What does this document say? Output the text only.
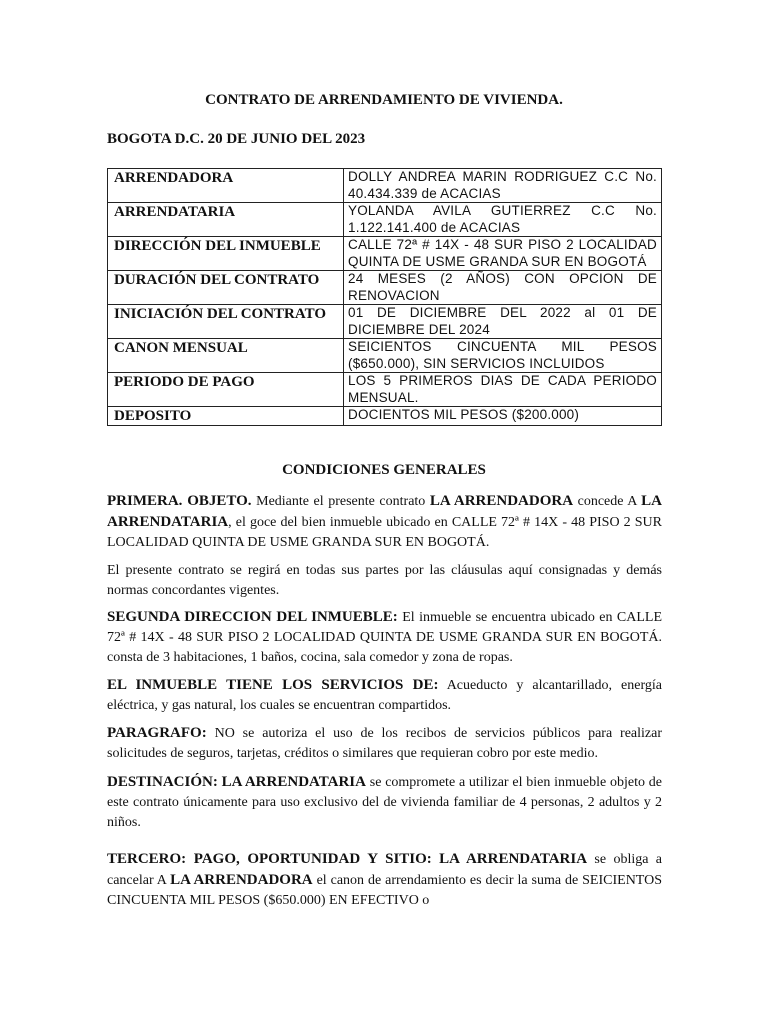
CONTRATO DE ARRENDAMIENTO DE VIVIENDA.
BOGOTA D.C. 20 DE JUNIO DEL 2023
ARRENDADORA	DOLLY ANDREA MARIN RODRIGUEZ C.C No. 40.434.339 de ACACIAS
ARRENDATARIA	YOLANDA AVILA GUTIERREZ C.C No. 1.122.141.400 de ACACIAS
DIRECCIÓN DEL INMUEBLE	CALLE 72ª # 14X - 48 SUR PISO 2 LOCALIDAD QUINTA DE USME GRANDA SUR EN BOGOTÁ
DURACIÓN DEL CONTRATO	24 MESES (2 AÑOS) CON OPCION DE RENOVACION
INICIACIÓN DEL CONTRATO	01 DE DICIEMBRE DEL 2022 al 01 DE DICIEMBRE DEL 2024
CANON MENSUAL	SEICIENTOS CINCUENTA MIL PESOS ($650.000), SIN SERVICIOS INCLUIDOS
PERIODO DE PAGO	LOS 5 PRIMEROS DIAS DE CADA PERIODO MENSUAL.
DEPOSITO	DOCIENTOS MIL PESOS ($200.000)
CONDICIONES GENERALES
PRIMERA. OBJETO. Mediante el presente contrato LA ARRENDADORA concede A LA ARRENDATARIA, el goce del bien inmueble ubicado en CALLE 72ª # 14X - 48 PISO 2 SUR LOCALIDAD QUINTA DE USME GRANDA SUR EN BOGOTÁ.
El presente contrato se regirá en todas sus partes por las cláusulas aquí consignadas y demás normas concordantes vigentes.
SEGUNDA DIRECCION DEL INMUEBLE: El inmueble se encuentra ubicado en CALLE 72ª # 14X - 48 SUR PISO 2 LOCALIDAD QUINTA DE USME GRANDA SUR EN BOGOTÁ. consta de 3 habitaciones, 1 baños, cocina, sala comedor y zona de ropas.
EL INMUEBLE TIENE LOS SERVICIOS DE: Acueducto y alcantarillado, energía eléctrica, y gas natural, los cuales se encuentran compartidos.
PARAGRAFO: NO se autoriza el uso de los recibos de servicios públicos para realizar solicitudes de seguros, tarjetas, créditos o similares que requieran cobro por este medio.
DESTINACIÓN: LA ARRENDATARIA se compromete a utilizar el bien inmueble objeto de este contrato únicamente para uso exclusivo del de vivienda familiar de 4 personas, 2 adultos y 2 niños.
TERCERO: PAGO, OPORTUNIDAD Y SITIO: LA ARRENDATARIA se obliga a cancelar A LA ARRENDADORA el canon de arrendamiento es decir la suma de SEICIENTOS CINCUENTA MIL PESOS ($650.000) EN EFECTIVO o
